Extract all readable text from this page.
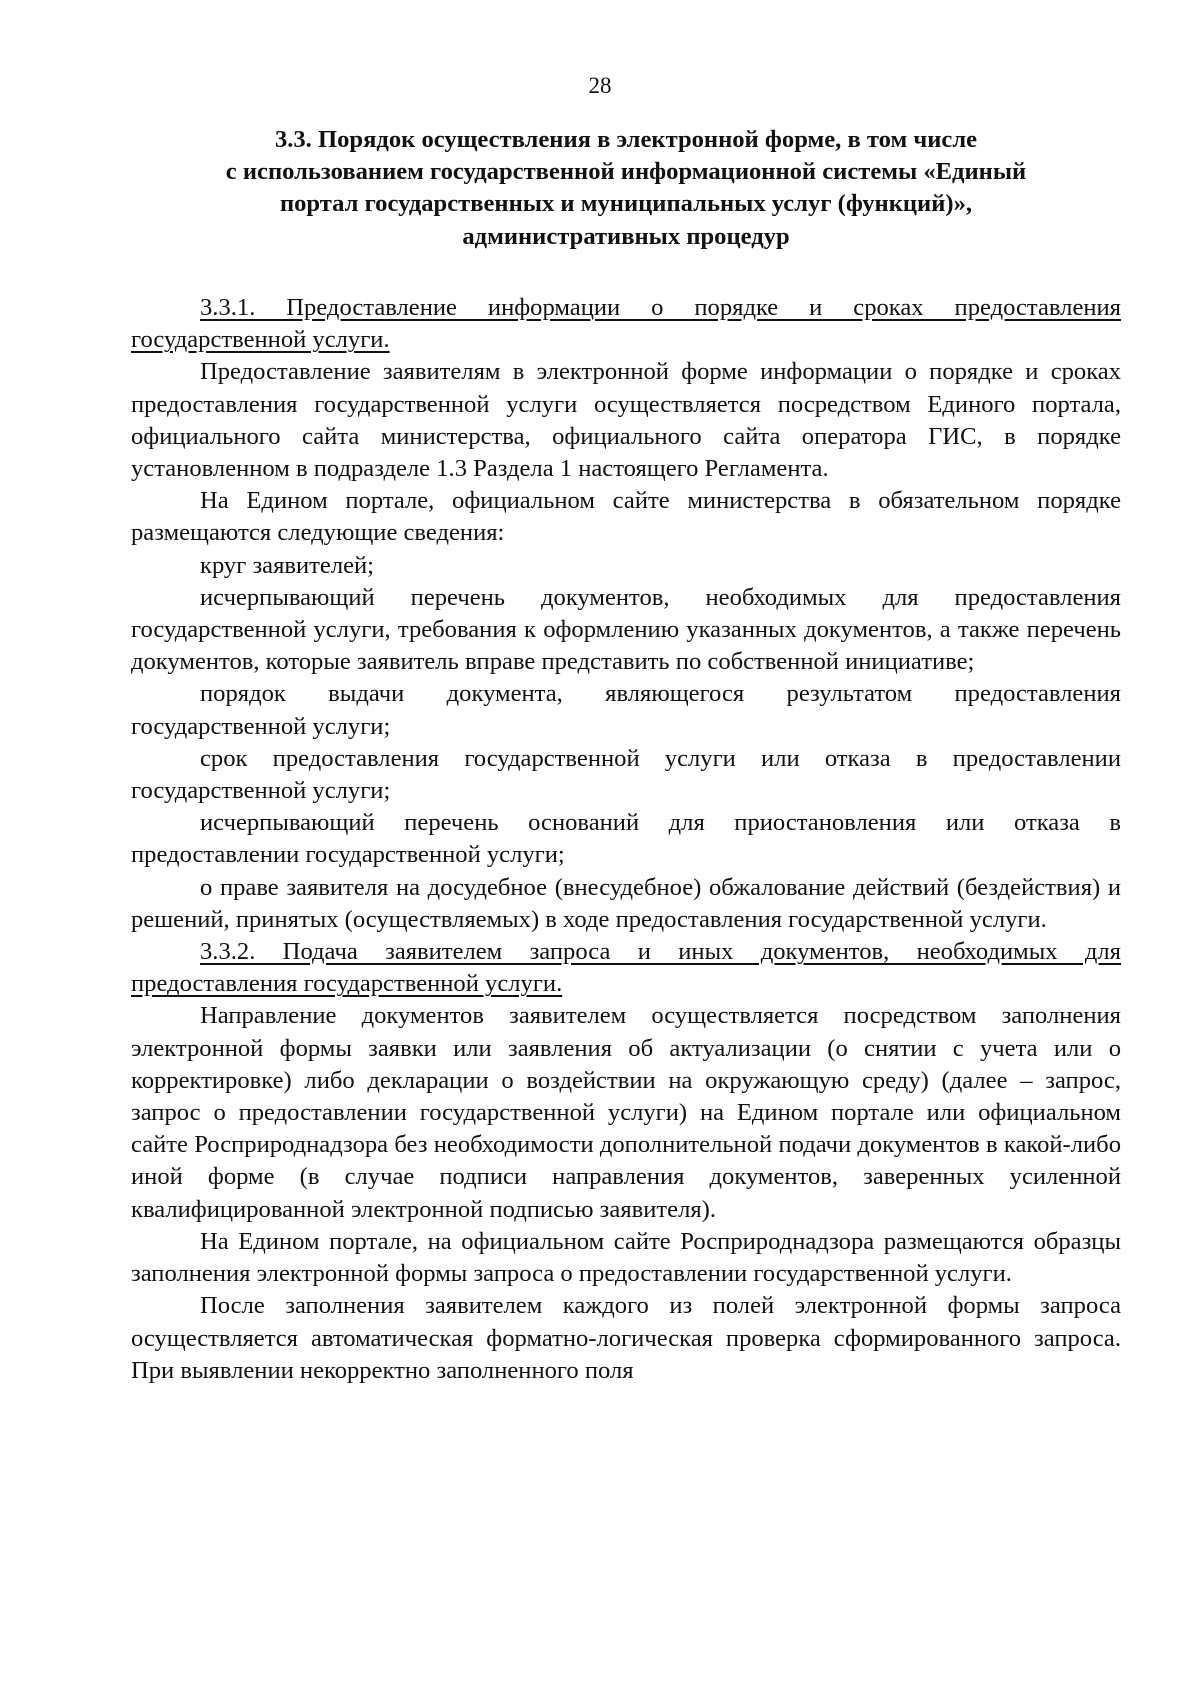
28
3.3. Порядок осуществления в электронной форме, в том числе
с использованием государственной информационной системы «Единый
портал государственных и муниципальных услуг (функций)»,
административных процедур

3.3.1. Предоставление информации о порядке и сроках предоставления государственной услуги.

Предоставление заявителям в электронной форме информации о порядке и сроках предоставления государственной услуги осуществляется посредством Единого портала, официального сайта министерства, официального сайта оператора ГИС, в порядке установленном в подразделе 1.3 Раздела 1 настоящего Регламента.

На Едином портале, официальном сайте министерства в обязательном порядке размещаются следующие сведения:

круг заявителей;

исчерпывающий перечень документов, необходимых для предоставления государственной услуги, требования к оформлению указанных документов, а также перечень документов, которые заявитель вправе представить по собственной инициативе;

порядок выдачи документа, являющегося результатом предоставления государственной услуги;

срок предоставления государственной услуги или отказа в предоставлении государственной услуги;

исчерпывающий перечень оснований для приостановления или отказа в предоставлении государственной услуги;

о праве заявителя на досудебное (внесудебное) обжалование действий (бездействия) и решений, принятых (осуществляемых) в ходе предоставления государственной услуги.

3.3.2. Подача заявителем запроса и иных документов, необходимых для предоставления государственной услуги.

Направление документов заявителем осуществляется посредством заполнения электронной формы заявки или заявления об актуализации (о снятии с учета или о корректировке) либо декларации о воздействии на окружающую среду) (далее – запрос, запрос о предоставлении государственной услуги) на Едином портале или официальном сайте Росприроднадзора без необходимости дополнительной подачи документов в какой-либо иной форме (в случае подписи направления документов, заверенных усиленной квалифицированной электронной подписью заявителя).

На Едином портале, на официальном сайте Росприроднадзора размещаются образцы заполнения электронной формы запроса о предоставлении государственной услуги.

После заполнения заявителем каждого из полей электронной формы запроса осуществляется автоматическая форматно-логическая проверка сформированного запроса. При выявлении некорректно заполненного поля
